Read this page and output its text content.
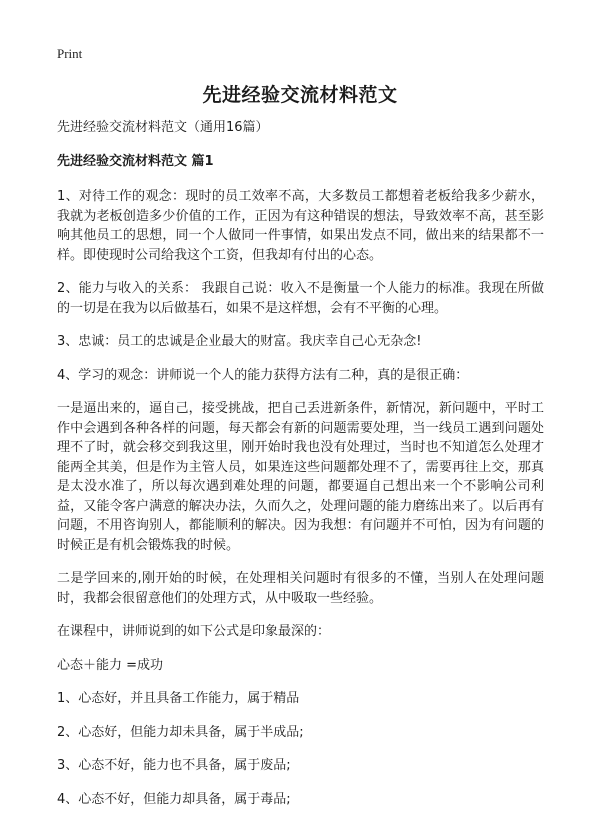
Print
先进经验交流材料范文

先进经验交流材料范文（通用16篇）

先进经验交流材料范文 篇1

1、对待工作的观念：现时的员工效率不高，大多数员工都想着老板给我多少薪水，我就为老板创造多少价值的工作，正因为有这种错误的想法，导致效率不高，甚至影响其他员工的思想，同一个人做同一件事情，如果出发点不同，做出来的结果都不一样。即使现时公司给我这个工资，但我却有付出的心态。

2、能力与收入的关系： 我跟自己说：收入不是衡量一个人能力的标准。我现在所做的一切是在我为以后做基石，如果不是这样想，会有不平衡的心理。

3、忠诚：员工的忠诚是企业最大的财富。我庆幸自己心无杂念!

4、学习的观念：讲师说一个人的能力获得方法有二种，真的是很正确：

一是逼出来的，逼自己，接受挑战，把自己丢进新条件，新情况，新问题中，平时工作中会遇到各种各样的问题，每天都会有新的问题需要处理，当一线员工遇到问题处理不了时，就会移交到我这里，刚开始时我也没有处理过，当时也不知道怎么处理才能两全其美，但是作为主管人员，如果连这些问题都处理不了，需要再往上交，那真是太没水准了，所以每次遇到难处理的问题，都要逼自己想出来一个不影响公司利益，又能令客户满意的解决办法，久而久之，处理问题的能力磨练出来了。以后再有问题，不用咨询别人，都能顺利的解决。因为我想：有问题并不可怕，因为有问题的时候正是有机会锻炼我的时候。

二是学回来的,刚开始的时候，在处理相关问题时有很多的不懂，当别人在处理问题时，我都会很留意他们的处理方式，从中吸取一些经验。

在课程中，讲师说到的如下公式是印象最深的：

心态＋能力 =成功

1、心态好，并且具备工作能力，属于精品

2、心态好，但能力却未具备，属于半成品;

3、心态不好，能力也不具备，属于废品;

4、心态不好，但能力却具备，属于毒品;
